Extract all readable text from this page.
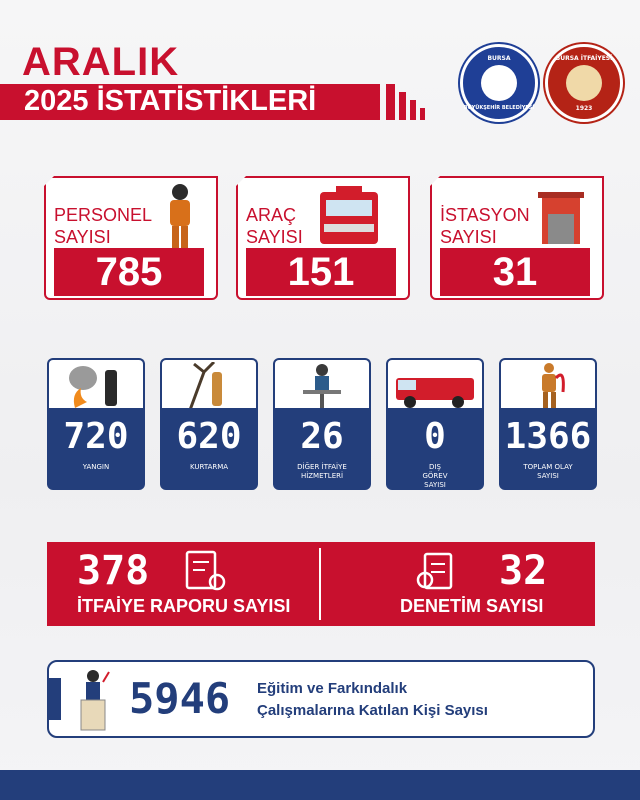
ARALIK
2025 İSTATİSTİKLERİ
BURSA
BÜYÜKŞEHİR BELEDİYESİ
BURSA İTFAİYESİ
1923
PERSONEL
SAYISI
785
ARAÇ
SAYISI
151
İSTASYON
SAYISI
31
720
YANGIN
620
KURTARMA
26
DİĞER İTFAİYE HİZMETLERİ
0
DIŞ GÖREV SAYISI
1366
TOPLAM OLAY SAYISI
378
İTFAİYE RAPORU SAYISI
32
DENETİM SAYISI
5946 Eğitim ve Farkındalık
Çalışmalarına Katılan Kişi Sayısı
